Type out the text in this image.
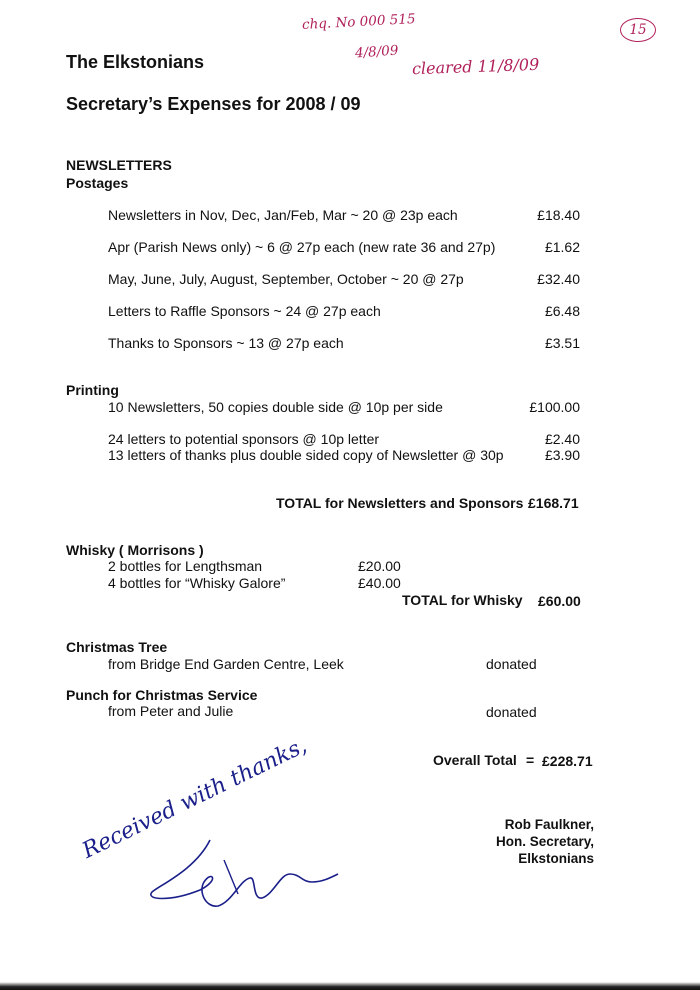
chq. No 000 515
4/8/09
cleared 11/8/09
15
The Elkstonians
Secretary’s Expenses for 2008 / 09
NEWSLETTERS
Postages
Newsletters in Nov, Dec, Jan/Feb, Mar ~ 20 @ 23p each	£18.40
Apr (Parish News only) ~ 6 @ 27p each (new rate 36 and 27p)	£1.62
May, June, July, August, September, October ~ 20 @ 27p	£32.40
Letters to Raffle Sponsors ~ 24 @ 27p each	£6.48
Thanks to Sponsors ~ 13 @ 27p each	£3.51
Printing
10 Newsletters, 50 copies double side @ 10p per side	£100.00
24 letters to potential sponsors @ 10p letter	£2.40
13 letters of thanks plus double sided copy of Newsletter @ 30p	£3.90
TOTAL for Newsletters and Sponsors £168.71
Whisky ( Morrisons )
2 bottles for Lengthsman	£20.00
4 bottles for “Whisky Galore”	£40.00
TOTAL for Whisky £60.00
Christmas Tree
from Bridge End Garden Centre, Leek	donated
Punch for Christmas Service
from Peter and Julie	donated
Overall Total = £228.71
Received with thanks,	Rob Faulkner,
Hon. Secretary,
Elkstonians
